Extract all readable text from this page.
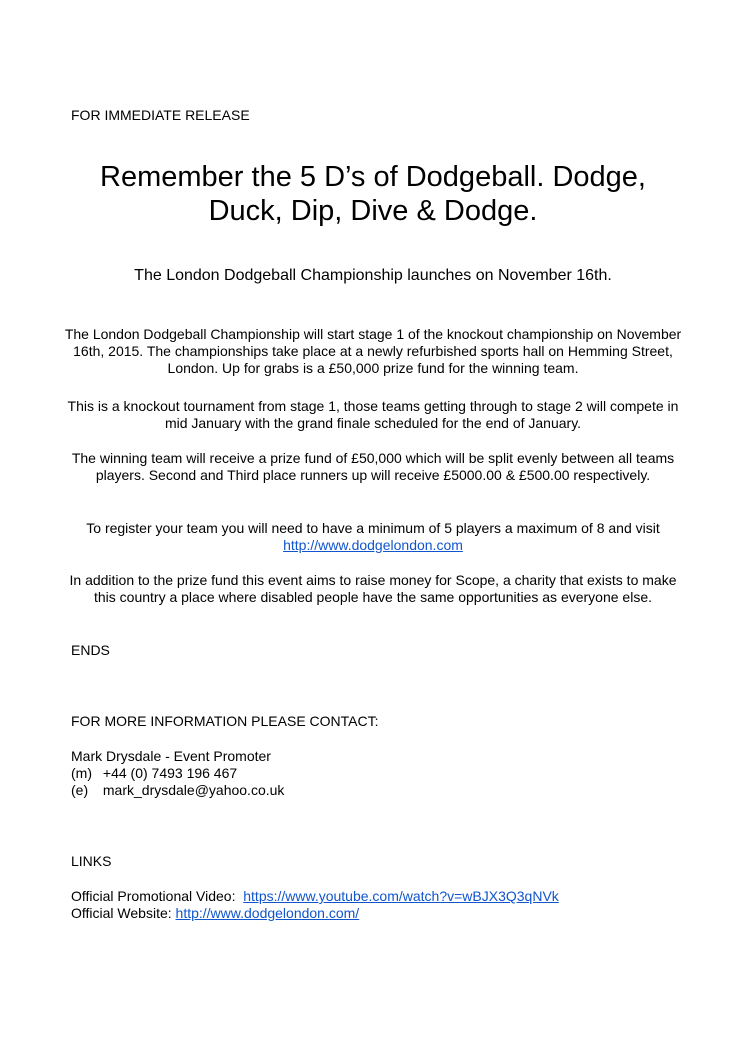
FOR IMMEDIATE RELEASE
Remember the 5 D’s of Dodgeball. Dodge, Duck, Dip, Dive & Dodge.
The London Dodgeball Championship launches on November 16th.
The London Dodgeball Championship will start stage 1 of the knockout championship on November 16th, 2015. The championships take place at a newly refurbished sports hall on Hemming Street, London. Up for grabs is a £50,000 prize fund for the winning team.
This is a knockout tournament from stage 1, those teams getting through to stage 2 will compete in mid January with the grand finale scheduled for the end of January.
The winning team will receive a prize fund of £50,000 which will be split evenly between all teams players. Second and Third place runners up will receive £5000.00 & £500.00 respectively.
To register your team you will need to have a minimum of 5 players a maximum of 8 and visit http://www.dodgelondon.com
In addition to the prize fund this event aims to raise money for Scope, a charity that exists to make this country a place where disabled people have the same opportunities as everyone else.
ENDS
FOR MORE INFORMATION PLEASE CONTACT:
Mark Drysdale - Event Promoter
(m) +44 (0) 7493 196 467
(e) mark_drysdale@yahoo.co.uk
LINKS
Official Promotional Video: https://www.youtube.com/watch?v=wBJX3Q3qNVk
Official Website: http://www.dodgelondon.com/
